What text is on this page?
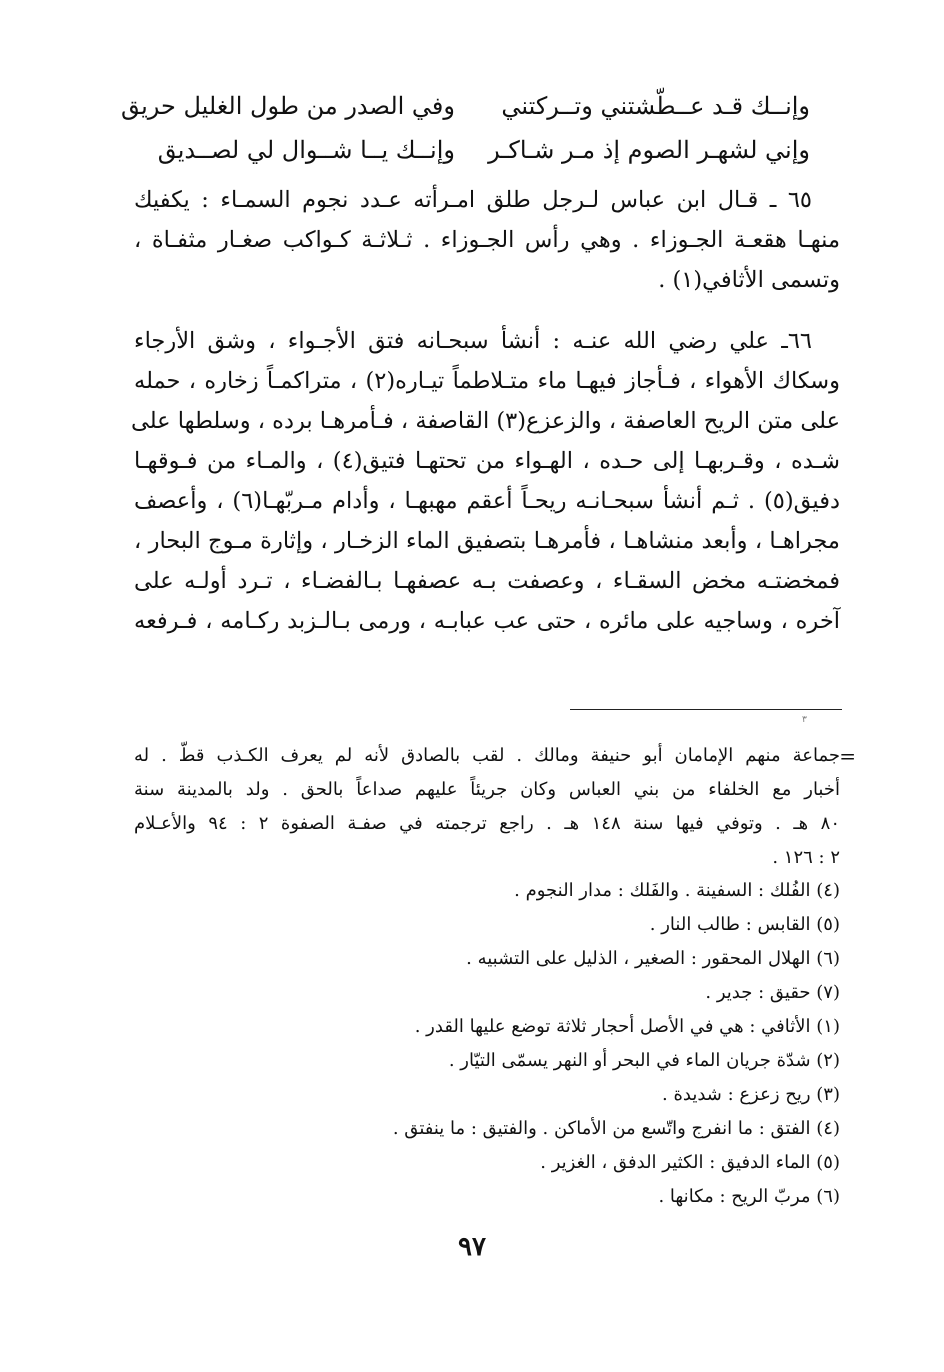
وإنــك قـد عــطّشتني وتــركتني
وفي الصدر من طول الغليل حريق
وإني لشهـر الصوم إذ مـر شـاكـر
وإنــك يــا شــوال لي لصــديق
٦٥ ـ قـال ابن عباس لـرجل طلق امـرأته عـدد نجوم السمـاء : يكفيك
منهـا هقعـة الجـوزاء . وهي رأس الجـوزاء . ثـلاثـة كـواكب صغـار مثفـاة ،
وتسمى الأثافي(١) .
٦٦ـ علي رضي الله عنـه : أنشأ سبحـانه فتق الأجـواء ، وشق الأرجاء
وسكاك الأهواء ، فـأجاز فيهـا ماء متـلاطماً تيـاره(٢) ، متراكمـاً زخاره ، حمله
على متن الريح العاصفة ، والزعزع(٣) القاصفة ، فـأمرهـا برده ، وسلطها على
شـده ، وقـربهـا إلى حـده ، الهـواء من تحتهـا فتيق(٤) ، والمـاء من فـوقهـا
دفيق(٥) . ثـم أنشأ سبحـانـه ريحـاً أعقم مهبهـا ، وأدام مـربّهـا(٦) ، وأعصف
مجراهـا ، وأبعد منشاهـا ، فأمرهـا بتصفيق الماء الزخـار ، وإثارة مـوج البحار ،
فمخضتـه مخض السقـاء ، وعصفت بـه عصفهـا بـالفضـاء ، تـرد أولـه على
آخره ، وساجيه على مائره ، حتى عب عبابـه ، ورمى بـالـزبد ركـامه ، فـرفعه
٣
=
جماعة منهم الإمامان أبو حنيفة ومالك . لقب بالصادق لأنه لم يعرف الكـذب قطّ . له
أخبار مع الخلفاء من بني العباس وكان جريئاً عليهم صداعاً بالحق . ولد بالمدينة سنة
٨٠ هـ . وتوفي فيها سنة ١٤٨ هـ . راجع ترجمته في صفـة الصفوة ٢ : ٩٤ والأعـلام
٢ : ١٢٦ .
(٤) الفُلك : السفينة . والفَلك : مدار النجوم .
(٥) القابس : طالب النار .
(٦) الهلال المحقور : الصغير ، الذليل على التشبيه .
(٧) حقيق : جدير .
(١) الأثافي : هي في الأصل أحجار ثلاثة توضع عليها القدر .
(٢) شدّة جريان الماء في البحر أو النهر يسمّى التيّار .
(٣) ريح زعزع : شديدة .
(٤) الفتق : ما انفرج واتّسع من الأماكن . والفتيق : ما ينفتق .
(٥) الماء الدفيق : الكثير الدفق ، الغزير .
(٦) مربّ الريح : مكانها .
٩٧
